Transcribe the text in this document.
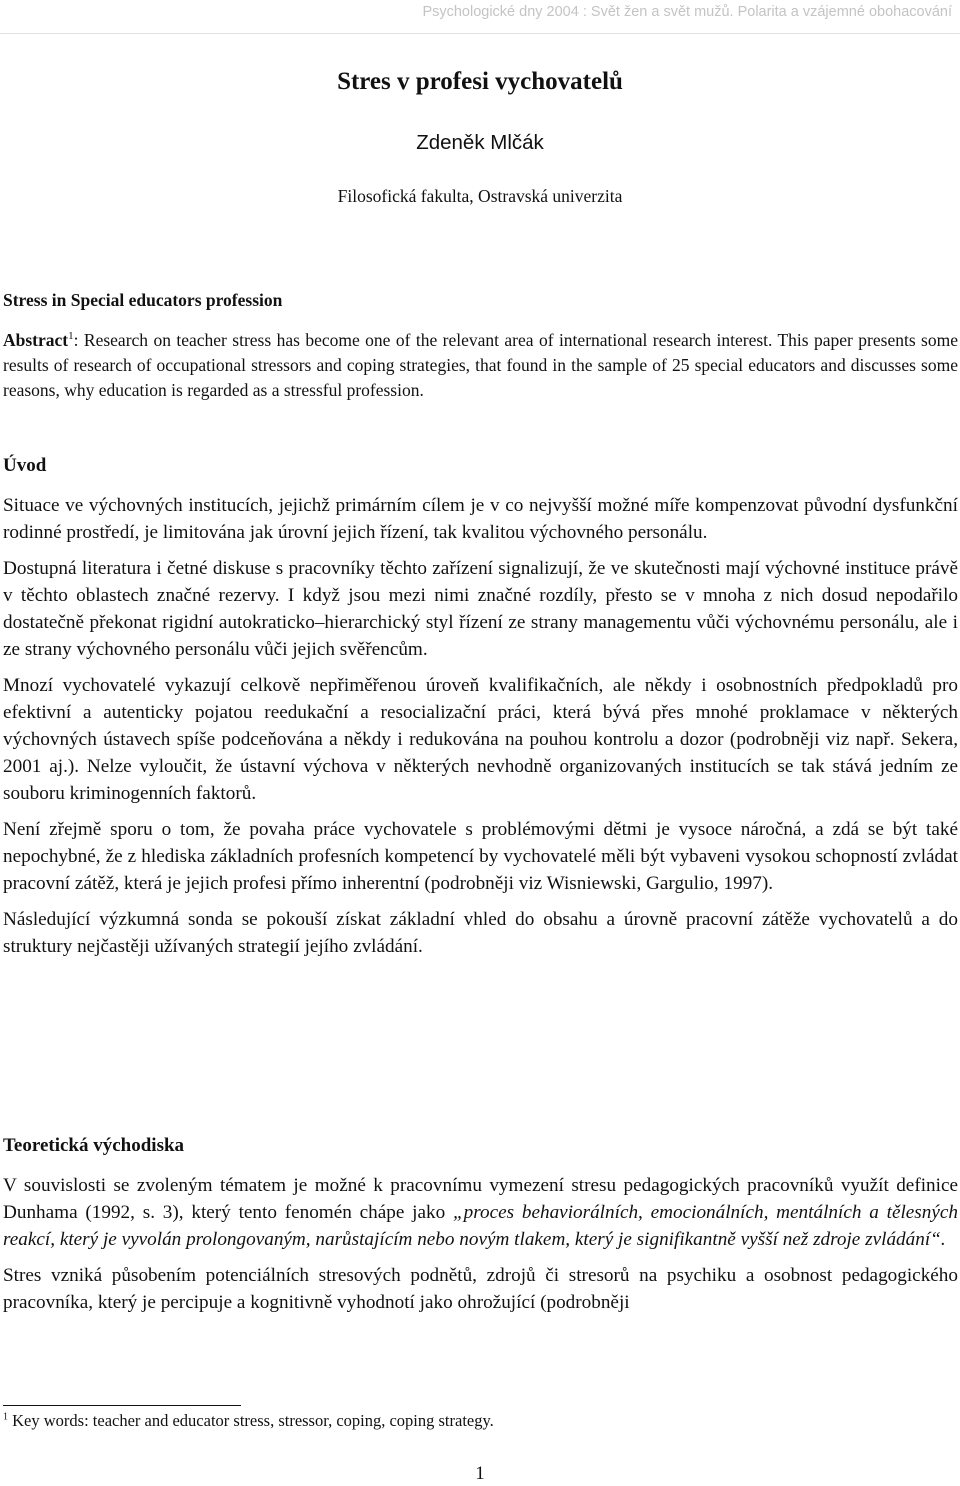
Psychologické dny 2004 : Svět žen a svět mužů. Polarita a vzájemné obohacování
Stres v profesi vychovatelů
Zdeněk Mlčák
Filosofická fakulta, Ostravská univerzita
Stress in Special educators profession
Abstract$^1$: Research on teacher stress has become one of the relevant area of international research interest. This paper presents some results of research of occupational stressors and coping strategies, that found in the sample of 25 special educators and discusses some reasons, why education is regarded as a stressful profession.
Úvod

Situace ve výchovných institucích, jejichž primárním cílem je v co nejvyšší možné míře kompenzovat původní dysfunkční rodinné prostředí, je limitována jak úrovní jejich řízení, tak kvalitou výchovného personálu.

Dostupná literatura i četné diskuse s pracovníky těchto zařízení signalizují, že ve skutečnosti mají výchovné instituce právě v těchto oblastech značné rezervy. I když jsou mezi nimi značné rozdíly, přesto se v mnoha z nich dosud nepodařilo dostatečně překonat rigidní autokraticko–hierarchický styl řízení ze strany managementu vůči výchovnému personálu, ale i ze strany výchovného personálu vůči jejich svěřencům.

Mnozí vychovatelé vykazují celkově nepřiměřenou úroveň kvalifikačních, ale někdy i osobnostních předpokladů pro efektivní a autenticky pojatou reedukační a resocializační práci, která bývá přes mnohé proklamace v některých výchovných ústavech spíše podceňována a někdy i redukována na pouhou kontrolu a dozor (podrobněji viz např. Sekera, 2001 aj.). Nelze vyloučit, že ústavní výchova v některých nevhodně organizovaných institucích se tak stává jedním ze souboru kriminogenních faktorů.

Není zřejmě sporu o tom, že povaha práce vychovatele s problémovými dětmi je vysoce náročná, a zdá se být také nepochybné, že z hlediska základních profesních kompetencí by vychovatelé měli být vybaveni vysokou schopností zvládat pracovní zátěž, která je jejich profesi přímo inherentní (podrobněji viz Wisniewski, Gargulio, 1997).

Následující výzkumná sonda se pokouší získat základní vhled do obsahu a úrovně pracovní zátěže vychovatelů a do struktury nejčastěji užívaných strategií jejího zvládání.

Teoretická východiska

V souvislosti se zvoleným tématem je možné k pracovnímu vymezení stresu pedagogických pracovníků využít definice Dunhama (1992, s. 3), který tento fenomén chápe jako „proces behaviorálních, emocionálních, mentálních a tělesných reakcí, který je vyvolán prolongovaným, narůstajícím nebo novým tlakem, který je signifikantně vyšší než zdroje zvládání“.

Stres vzniká působením potenciálních stresových podnětů, zdrojů či stresorů na psychiku a osobnost pedagogického pracovníka, který je percipuje a kognitivně vyhodnotí jako ohrožující (podrobněji

$^1$ Key words: teacher and educator stress, stressor, coping, coping strategy.
1
